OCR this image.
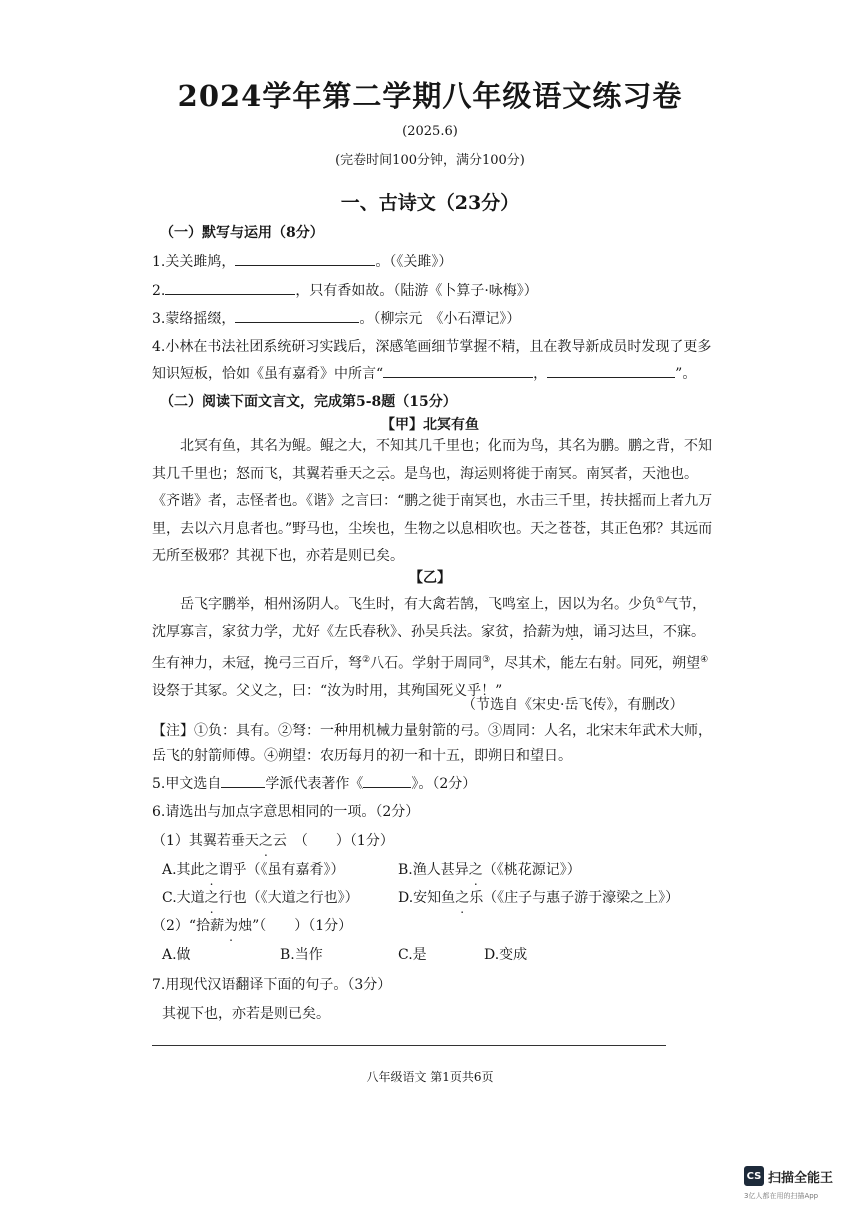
2024学年第二学期八年级语文练习卷
(2025.6)
(完卷时间100分钟，满分100分)
一、古诗文（23分）
（一）默写与运用（8分）
1.关关雎鸠，	。（《关雎》）
2.	，只有香如故。（陆游《卜算子·咏梅》）
3.蒙络摇缀，	。（柳宗元　《小石潭记》）
4.小林在书法社团系统研习实践后，深感笔画细节掌握不精，且在教导新成员时发现了更多
知识短板，恰如《虽有嘉肴》中所言“	，	”。
（二）阅读下面文言文，完成第5-8题（15分）
【甲】北冥有鱼
北冥有鱼，其名为鲲。鲲之大，不知其几千里也；化而为鸟，其名为鹏。鹏之背，不知其几千里也；怒而飞，其翼若垂天之云。是鸟也，海运则将徙于南冥。南冥者，天池也。《齐谐》者，志怪者也。《谐》之言曰：“鹏之徙于南冥也，水击三千里，抟扶摇而上者九万里，去以六月息者也。”野马也，尘埃也，生物之以息相吹也。天之苍苍，其正色邪？其远而无所至极邪？其视下也，亦若是则已矣。
【乙】
岳飞字鹏举，相州汤阴人。飞生时，有大禽若鹄，飞鸣室上，因以为名。少负①气节，沈厚寡言，家贫力学，尤好《左氏春秋》、孙吴兵法。家贫，拾薪为烛，诵习达旦，不寐。生有神力，未冠，挽弓三百斤，弩②八石。学射于周同③，尽其术，能左右射。同死，朔望④设祭于其冢。父义之，曰：“汝为时用，其殉国死义乎！”
（节选自《宋史·岳飞传》，有删改）
【注】①负：具有。②弩：一种用机械力量射箭的弓。③周同：人名，北宋末年武术大师，
岳飞的射箭师傅。④朔望：农历每月的初一和十五，即朔日和望日。
5.甲文选自	学派代表著作《	》。（2分）
6.请选出与加点字意思相同的一项。（2分）
（1）其翼若垂天之云　（　　）（1分）
A.其此之谓乎（《虽有嘉肴》）	B.渔人甚异之（《桃花源记》）
C.大道之行也（《大道之行也》）	D.安知鱼之乐（《庄子与惠子游于濠梁之上》）
（2）“拾薪为烛”（　　）（1分）
A.做	B.当作	C.是	D.变成
7.用现代汉语翻译下面的句子。（3分）
其视下也，亦若是则已矣。
八年级语文 第1页共6页
CS 扫描全能王
3亿人都在用的扫描App
